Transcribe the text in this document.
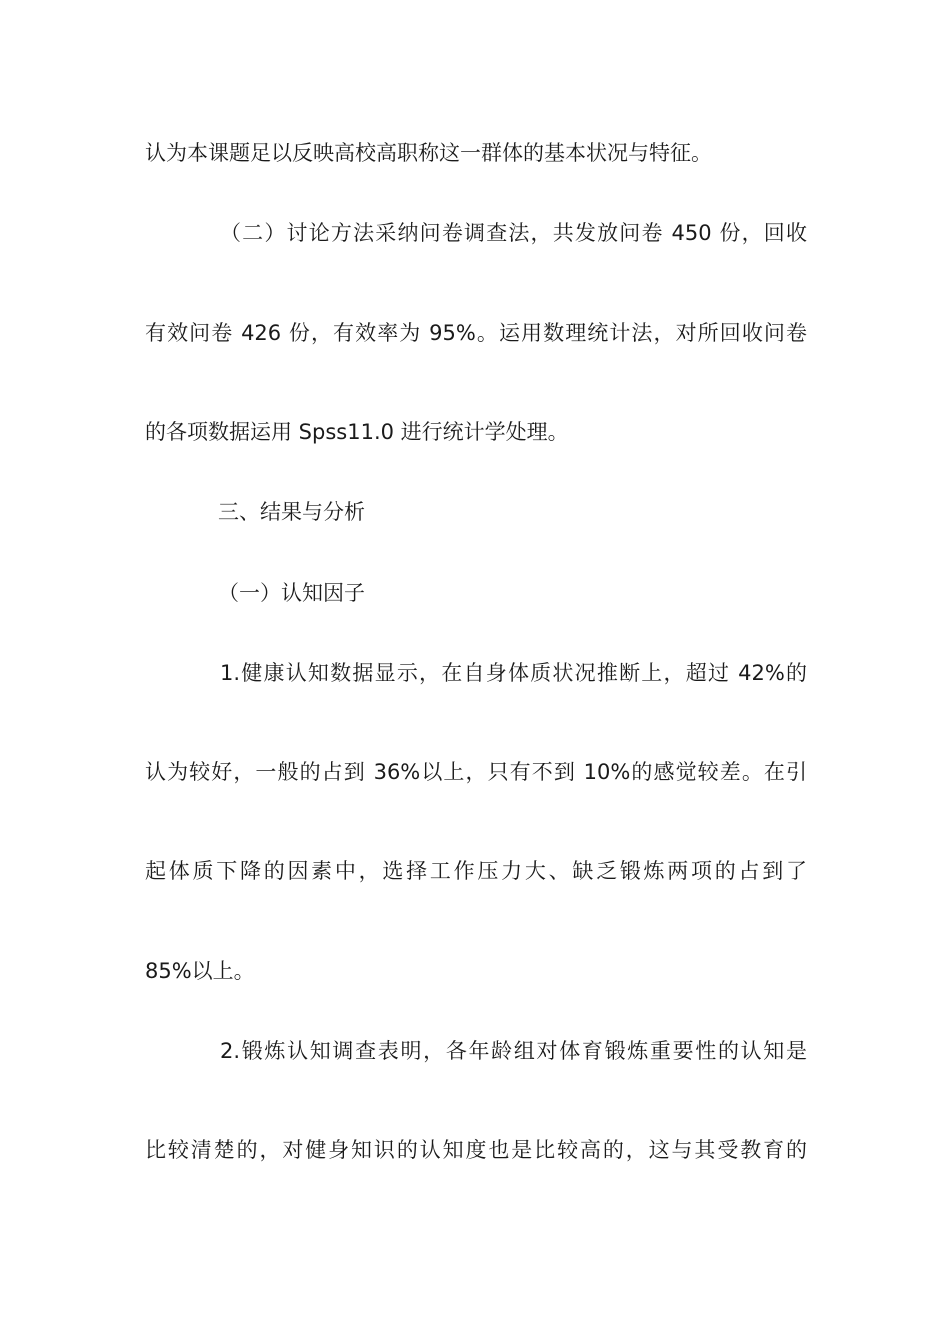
认为本课题足以反映高校高职称这一群体的基本状况与特征。
（二）讨论方法采纳问卷调查法，共发放问卷 450 份，回收
有效问卷 426 份，有效率为 95%。运用数理统计法，对所回收问卷
的各项数据运用 Spss11.0 进行统计学处理。
三、结果与分析
（一）认知因子
1.健康认知数据显示，在自身体质状况推断上，超过 42%的
认为较好，一般的占到 36%以上，只有不到 10%的感觉较差。在引
起体质下降的因素中，选择工作压力大、缺乏锻炼两项的占到了
85%以上。
2.锻炼认知调查表明，各年龄组对体育锻炼重要性的认知是
比较清楚的，对健身知识的认知度也是比较高的，这与其受教育的
